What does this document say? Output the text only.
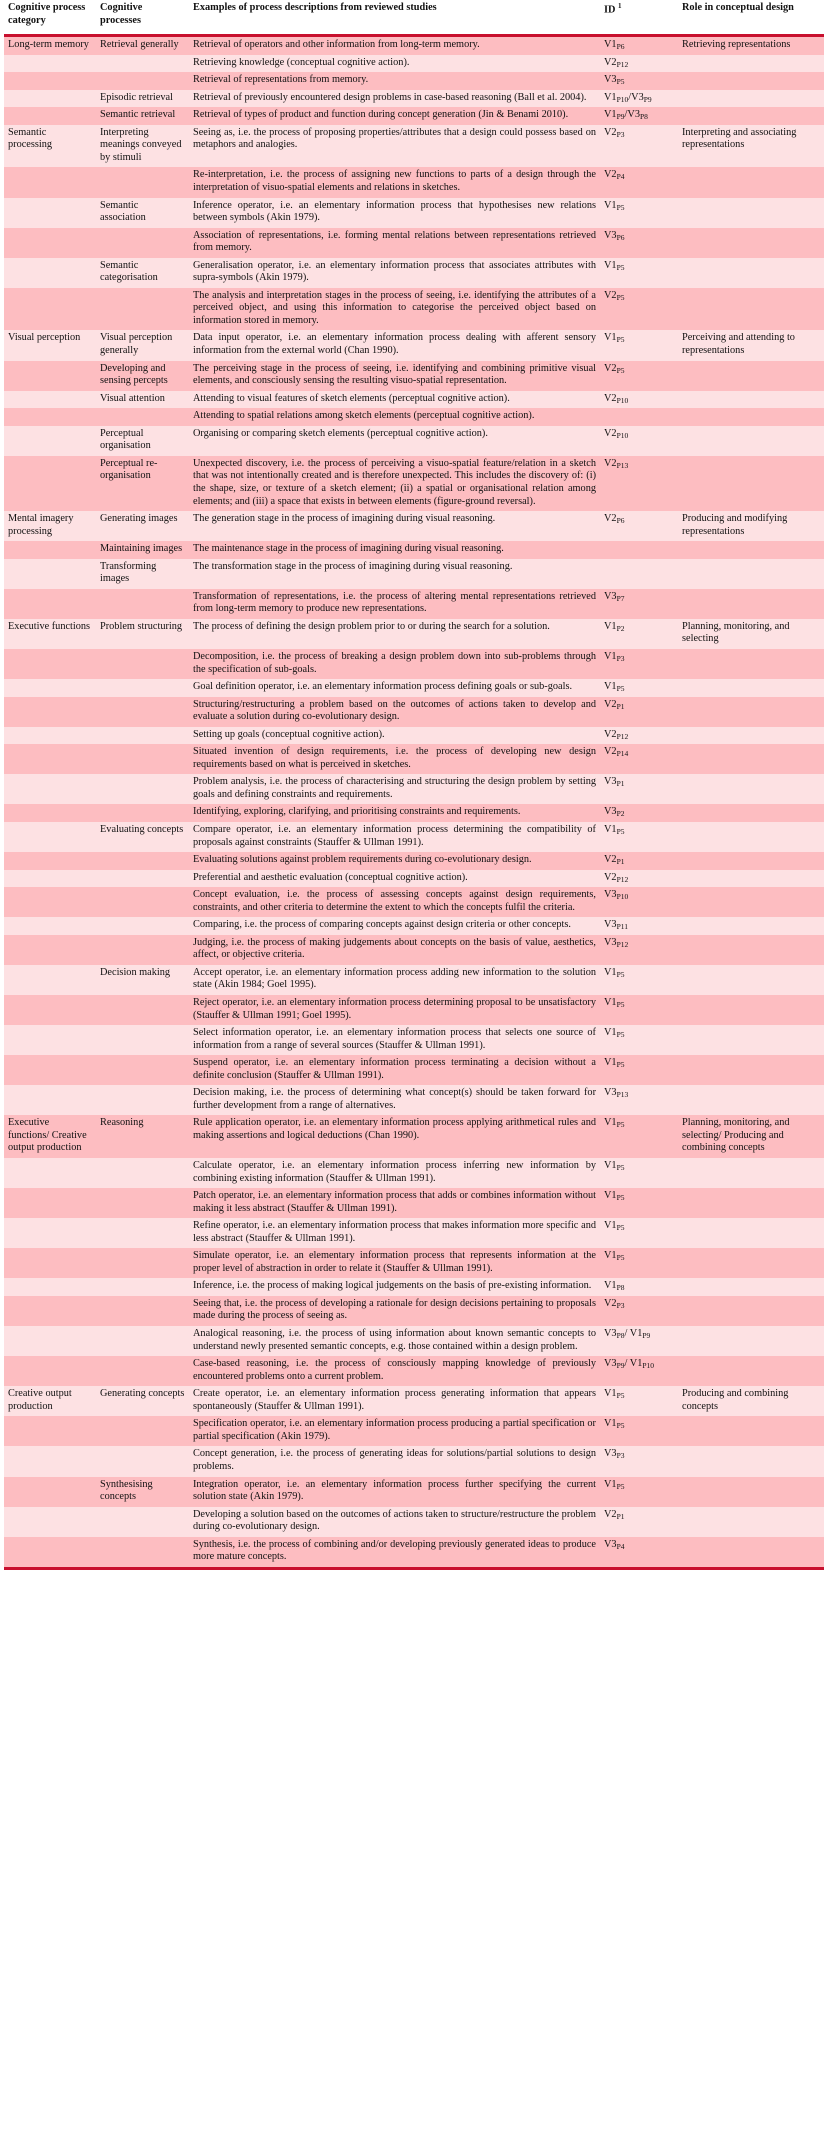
Cognitive process category	Cognitive processes	Examples of process descriptions from reviewed studies	ID $^1$	Role in conceptual design
Long-term memory	Retrieval generally	Retrieval of operators and other information from long-term memory.	$V1_{P6}$	Retrieving representations
		Retrieving knowledge (conceptual cognitive action).	$V2_{P12}$	
		Retrieval of representations from memory.	$V3_{P5}$	
	Episodic retrieval	Retrieval of previously encountered design problems in case-based reasoning (Ball et al. 2004).	$V1_{P10}/V3_{P9}$	
	Semantic retrieval	Retrieval of types of product and function during concept generation (Jin & Benami 2010).	$V1_{P9}/V3_{P8}$	
Semantic processing	Interpreting meanings conveyed by stimuli	Seeing as, i.e. the process of proposing properties/attributes that a design could possess based on metaphors and analogies.	$V2_{P3}$	Interpreting and associating representations
		Re-interpretation, i.e. the process of assigning new functions to parts of a design through the interpretation of visuo-spatial elements and relations in sketches.	$V2_{P4}$	
	Semantic association	Inference operator, i.e. an elementary information process that hypothesises new relations between symbols (Akin 1979).	$V1_{P5}$	
		Association of representations, i.e. forming mental relations between representations retrieved from memory.	$V3_{P6}$	
	Semantic categorisation	Generalisation operator, i.e. an elementary information process that associates attributes with supra-symbols (Akin 1979).	$V1_{P5}$	
		The analysis and interpretation stages in the process of seeing, i.e. identifying the attributes of a perceived object, and using this information to categorise the perceived object based on information stored in memory.	$V2_{P5}$	
Visual perception	Visual perception generally	Data input operator, i.e. an elementary information process dealing with afferent sensory information from the external world (Chan 1990).	$V1_{P5}$	Perceiving and attending to representations
	Developing and sensing percepts	The perceiving stage in the process of seeing, i.e. identifying and combining primitive visual elements, and consciously sensing the resulting visuo-spatial representation.	$V2_{P5}$	
	Visual attention	Attending to visual features of sketch elements (perceptual cognitive action).	$V2_{P10}$	
		Attending to spatial relations among sketch elements (perceptual cognitive action).		
	Perceptual organisation	Organising or comparing sketch elements (perceptual cognitive action).	$V2_{P10}$	
	Perceptual re-organisation	Unexpected discovery, i.e. the process of perceiving a visuo-spatial feature/relation in a sketch that was not intentionally created and is therefore unexpected. This includes the discovery of: (i) the shape, size, or texture of a sketch element; (ii) a spatial or organisational relation among elements; and (iii) a space that exists in between elements (figure-ground reversal).	$V2_{P13}$	
Mental imagery processing	Generating images	The generation stage in the process of imagining during visual reasoning.	$V2_{P6}$	Producing and modifying representations
	Maintaining images	The maintenance stage in the process of imagining during visual reasoning.		
	Transforming images	The transformation stage in the process of imagining during visual reasoning.		
		Transformation of representations, i.e. the process of altering mental representations retrieved from long-term memory to produce new representations.	$V3_{P7}$	
Executive functions	Problem structuring	The process of defining the design problem prior to or during the search for a solution.	$V1_{P2}$	Planning, monitoring, and selecting
		Decomposition, i.e. the process of breaking a design problem down into sub-problems through the specification of sub-goals.	$V1_{P3}$	
		Goal definition operator, i.e. an elementary information process defining goals or sub-goals.	$V1_{P5}$	
		Structuring/restructuring a problem based on the outcomes of actions taken to develop and evaluate a solution during co-evolutionary design.	$V2_{P1}$	
		Setting up goals (conceptual cognitive action).	$V2_{P12}$	
		Situated invention of design requirements, i.e. the process of developing new design requirements based on what is perceived in sketches.	$V2_{P14}$	
		Problem analysis, i.e. the process of characterising and structuring the design problem by setting goals and defining constraints and requirements.	$V3_{P1}$	
		Identifying, exploring, clarifying, and prioritising constraints and requirements.	$V3_{P2}$	
	Evaluating concepts	Compare operator, i.e. an elementary information process determining the compatibility of proposals against constraints (Stauffer & Ullman 1991).	$V1_{P5}$	
		Evaluating solutions against problem requirements during co-evolutionary design.	$V2_{P1}$	
		Preferential and aesthetic evaluation (conceptual cognitive action).	$V2_{P12}$	
		Concept evaluation, i.e. the process of assessing concepts against design requirements, constraints, and other criteria to determine the extent to which the concepts fulfil the criteria.	$V3_{P10}$	
		Comparing, i.e. the process of comparing concepts against design criteria or other concepts.	$V3_{P11}$	
		Judging, i.e. the process of making judgements about concepts on the basis of value, aesthetics, affect, or objective criteria.	$V3_{P12}$	
	Decision making	Accept operator, i.e. an elementary information process adding new information to the solution state (Akin 1984; Goel 1995).	$V1_{P5}$	
		Reject operator, i.e. an elementary information process determining proposal to be unsatisfactory (Stauffer & Ullman 1991; Goel 1995).	$V1_{P5}$	
		Select information operator, i.e. an elementary information process that selects one source of information from a range of several sources (Stauffer & Ullman 1991).	$V1_{P5}$	
		Suspend operator, i.e. an elementary information process terminating a decision without a definite conclusion (Stauffer & Ullman 1991).	$V1_{P5}$	
		Decision making, i.e. the process of determining what concept(s) should be taken forward for further development from a range of alternatives.	$V3_{P13}$	
Executive functions/ Creative output production	Reasoning	Rule application operator, i.e. an elementary information process applying arithmetical rules and making assertions and logical deductions (Chan 1990).	$V1_{P5}$	Planning, monitoring, and selecting/ Producing and combining concepts
		Calculate operator, i.e. an elementary information process inferring new information by combining existing information (Stauffer & Ullman 1991).	$V1_{P5}$	
		Patch operator, i.e. an elementary information process that adds or combines information without making it less abstract (Stauffer & Ullman 1991).	$V1_{P5}$	
		Refine operator, i.e. an elementary information process that makes information more specific and less abstract (Stauffer & Ullman 1991).	$V1_{P5}$	
		Simulate operator, i.e. an elementary information process that represents information at the proper level of abstraction in order to relate it (Stauffer & Ullman 1991).	$V1_{P5}$	
		Inference, i.e. the process of making logical judgements on the basis of pre-existing information.	$V1_{P8}$	
		Seeing that, i.e. the process of developing a rationale for design decisions pertaining to proposals made during the process of seeing as.	$V2_{P3}$	
		Analogical reasoning, i.e. the process of using information about known semantic concepts to understand newly presented semantic concepts, e.g. those contained within a design problem.	$V3_{P8}/$ $V1_{P9}$	
		Case-based reasoning, i.e. the process of consciously mapping knowledge of previously encountered problems onto a current problem.	$V3_{P9}/$ $V1_{P10}$	
Creative output production	Generating concepts	Create operator, i.e. an elementary information process generating information that appears spontaneously (Stauffer & Ullman 1991).	$V1_{P5}$	Producing and combining concepts
		Specification operator, i.e. an elementary information process producing a partial specification or partial specification (Akin 1979).	$V1_{P5}$	
		Concept generation, i.e. the process of generating ideas for solutions/partial solutions to design problems.	$V3_{P3}$	
	Synthesising concepts	Integration operator, i.e. an elementary information process further specifying the current solution state (Akin 1979).	$V1_{P5}$	
		Developing a solution based on the outcomes of actions taken to structure/restructure the problem during co-evolutionary design.	$V2_{P1}$	
		Synthesis, i.e. the process of combining and/or developing previously generated ideas to produce more mature concepts.	$V3_{P4}$	
